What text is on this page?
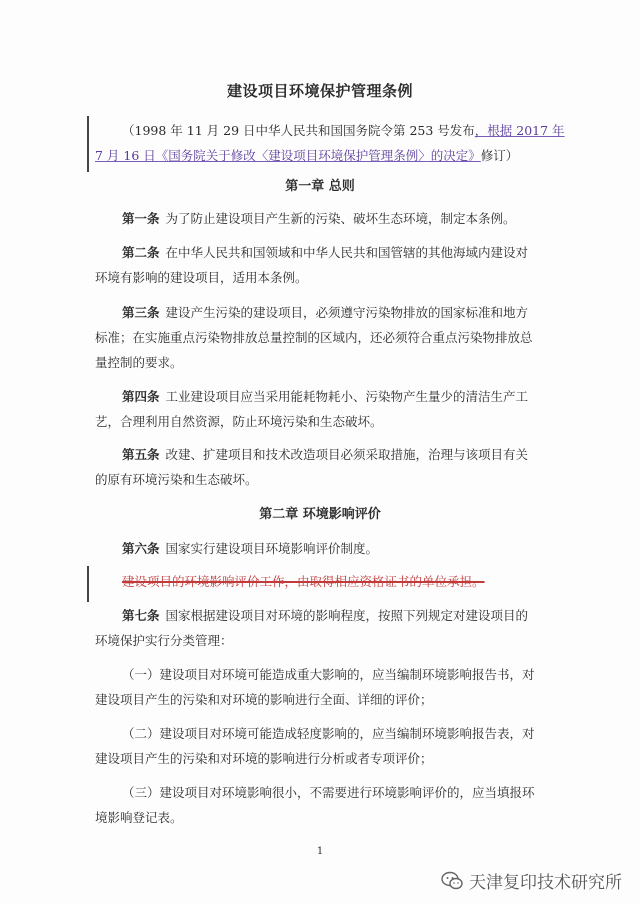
建设项目环境保护管理条例
（1998 年 11 月 29 日中华人民共和国国务院令第 253 号发布，根据 2017 年
7 月 16 日《国务院关于修改〈建设项目环境保护管理条例〉的决定》修订）
第一章 总则
第一条 为了防止建设项目产生新的污染、破坏生态环境，制定本条例。
第二条 在中华人民共和国领域和中华人民共和国管辖的其他海域内建设对
环境有影响的建设项目，适用本条例。
第三条 建设产生污染的建设项目，必须遵守污染物排放的国家标准和地方
标准；在实施重点污染物排放总量控制的区域内，还必须符合重点污染物排放总
量控制的要求。
第四条 工业建设项目应当采用能耗物耗小、污染物产生量少的清洁生产工
艺，合理利用自然资源，防止环境污染和生态破坏。
第五条 改建、扩建项目和技术改造项目必须采取措施，治理与该项目有关
的原有环境污染和生态破坏。
第二章 环境影响评价
第六条 国家实行建设项目环境影响评价制度。
建设项目的环境影响评价工作，由取得相应资格证书的单位承担。
第七条 国家根据建设项目对环境的影响程度，按照下列规定对建设项目的
环境保护实行分类管理：
（一）建设项目对环境可能造成重大影响的，应当编制环境影响报告书，对
建设项目产生的污染和对环境的影响进行全面、详细的评价；
（二）建设项目对环境可能造成轻度影响的，应当编制环境影响报告表，对
建设项目产生的污染和对环境的影响进行分析或者专项评价；
（三）建设项目对环境影响很小，不需要进行环境影响评价的，应当填报环
境影响登记表。
1
天津复印技术研究所
